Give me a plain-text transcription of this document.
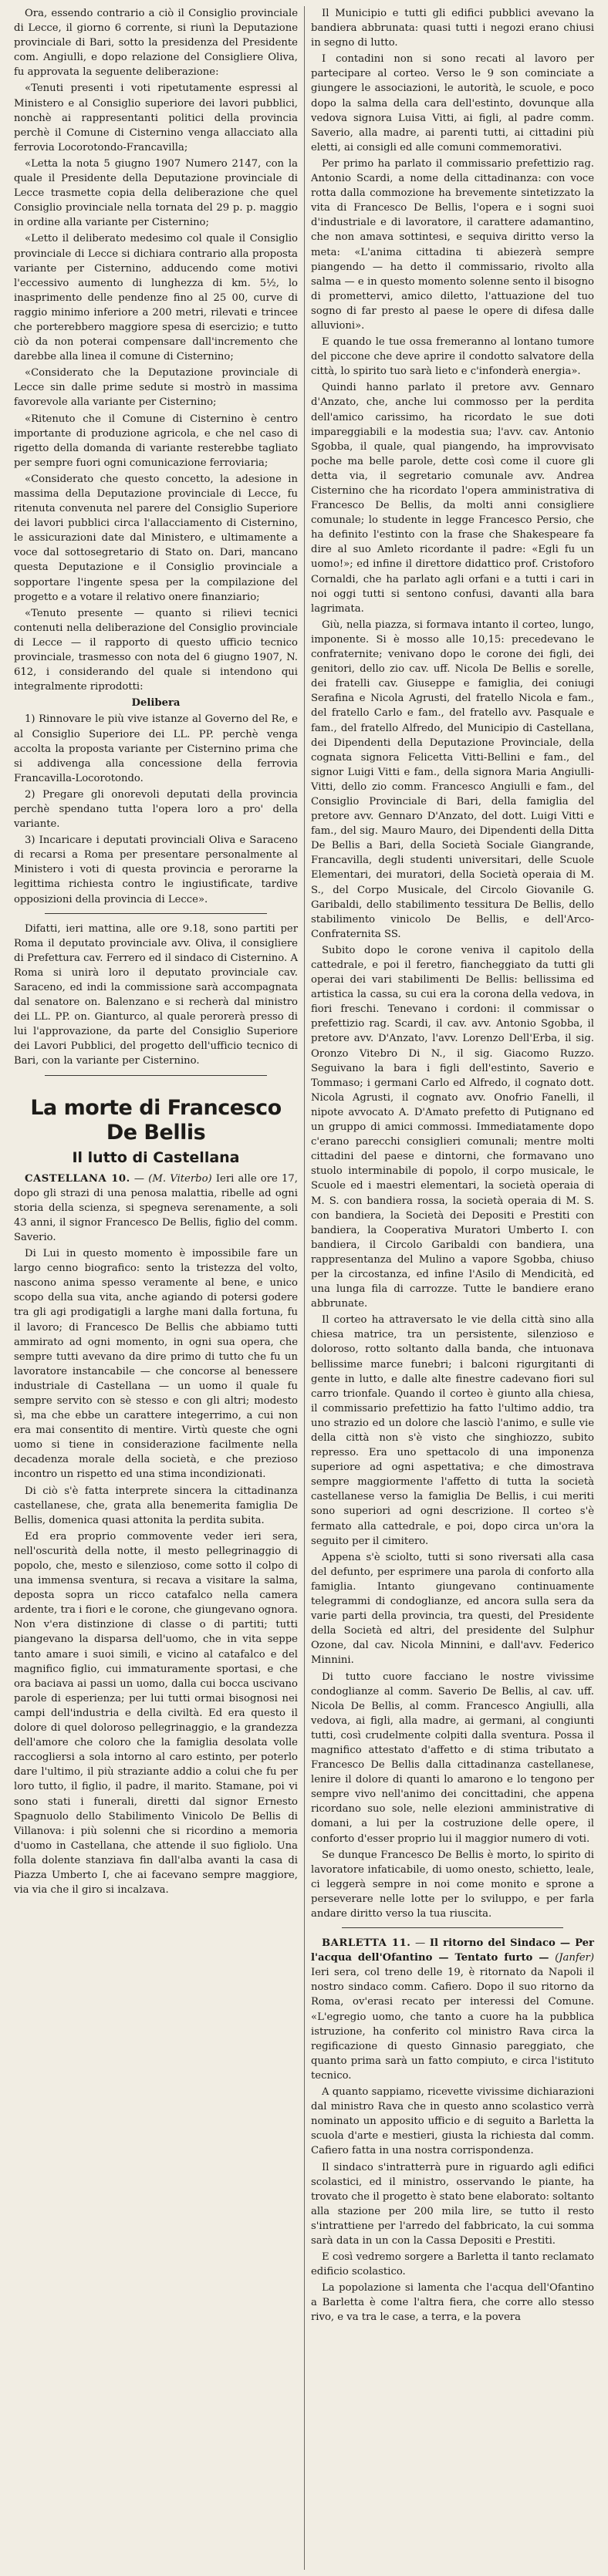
Ora, essendo contrario a ciò il Consiglio provinciale di Lecce, il giorno 6 corrente, si riunì la Deputazione provinciale di Bari, sotto la presidenza del Presidente com. Angiulli, e dopo relazione del Consigliere Oliva, fu approvata la seguente deliberazione:

«Tenuti presenti i voti ripetutamente espressi al Ministero e al Consiglio superiore dei lavori pubblici, nonchè ai rappresentanti politici della provincia perchè il Comune di Cisternino venga allacciato alla ferrovia Locorotondo-Francavilla;

«Letta la nota 5 giugno 1907 Numero 2147, con la quale il Presidente della Deputazione provinciale di Lecce trasmette copia della deliberazione che quel Consiglio provinciale nella tornata del 29 p. p. maggio in ordine alla variante per Cisternino;

«Letto il deliberato medesimo col quale il Consiglio provinciale di Lecce si dichiara contrario alla proposta variante per Cisternino, adducendo come motivi l'eccessivo aumento di lunghezza di km. 5½, lo inasprimento delle pendenze fino al 25 00, curve di raggio minimo inferiore a 200 metri, rilevati e trincee che porterebbero maggiore spesa di esercizio; e tutto ciò da non poterai compensare dall'incremento che darebbe alla linea il comune di Cisternino;

«Considerato che la Deputazione provinciale di Lecce sin dalle prime sedute si mostrò in massima favorevole alla variante per Cisternino;

«Ritenuto che il Comune di Cisternino è centro importante di produzione agricola, e che nel caso di rigetto della domanda di variante resterebbe tagliato per sempre fuori ogni comunicazione ferroviaria;

«Considerato che questo concetto, la adesione in massima della Deputazione provinciale di Lecce, fu ritenuta convenuta nel parere del Consiglio Superiore dei lavori pubblici circa l'allacciamento di Cisternino, le assicurazioni date dal Ministero, e ultimamente a voce dal sottosegretario di Stato on. Dari, mancano questa Deputazione e il Consiglio provinciale a sopportare l'ingente spesa per la compilazione del progetto e a votare il relativo onere finanziario;

«Tenuto presente — quanto si rilievi tecnici contenuti nella deliberazione del Consiglio provinciale di Lecce — il rapporto di questo ufficio tecnico provinciale, trasmesso con nota del 6 giugno 1907, N. 612, i considerando del quale si intendono qui integralmente riprodotti:

Delibera

1) Rinnovare le più vive istanze al Governo del Re, e al Consiglio Superiore dei LL. PP. perchè venga accolta la proposta variante per Cisternino prima che si addivenga alla concessione della ferrovia Francavilla-Locorotondo.

2) Pregare gli onorevoli deputati della provincia perchè spendano tutta l'opera loro a pro' della variante.

3) Incaricare i deputati provinciali Oliva e Saraceno di recarsi a Roma per presentare personalmente al Ministero i voti di questa provincia e perorarne la legittima richiesta contro le ingiustificate, tardive opposizioni della provincia di Lecce».

Difatti, ieri mattina, alle ore 9.18, sono partiti per Roma il deputato provinciale avv. Oliva, il consigliere di Prefettura cav. Ferrero ed il sindaco di Cisternino. A Roma si unirà loro il deputato provinciale cav. Saraceno, ed indi la commissione sarà accompagnata dal senatore on. Balenzano e si recherà dal ministro dei LL. PP. on. Gianturco, al quale perorerà presso di lui l'approvazione, da parte del Consiglio Superiore dei Lavori Pubblici, del progetto dell'ufficio tecnico di Bari, con la variante per Cisternino.

La morte di Francesco De Bellis
Il lutto di Castellana

CASTELLANA 10. — (M. Viterbo) Ieri alle ore 17, dopo gli strazi di una penosa malattia, ribelle ad ogni storia della scienza, si spegneva serenamente, a soli 43 anni, il signor Francesco De Bellis, figlio del comm. Saverio.

Di Lui in questo momento è impossibile fare un largo cenno biografico: sento la tristezza del volto, nascono anima spesso veramente al bene, e unico scopo della sua vita, anche agiando di potersi godere tra gli agi prodigatigli a larghe mani dalla fortuna, fu il lavoro; di Francesco De Bellis che abbiamo tutti ammirato ad ogni momento, in ogni sua opera, che sempre tutti avevano da dire primo di tutto che fu un lavoratore instancabile — che concorse al benessere industriale di Castellana — un uomo il quale fu sempre servito con sè stesso e con gli altri; modesto sì, ma che ebbe un carattere integerrimo, a cui non era mai consentito di mentire. Virtù queste che ogni uomo si tiene in considerazione facilmente nella decadenza morale della società, e che prezioso incontro un rispetto ed una stima incondizionati.

Di ciò s'è fatta interprete sincera la cittadinanza castellanese, che, grata alla benemerita famiglia De Bellis, domenica quasi attonita la perdita subita.

Ed era proprio commovente veder ieri sera, nell'oscurità della notte, il mesto pellegrinaggio di popolo, che, mesto e silenzioso, come sotto il colpo di una immensa sventura, si recava a visitare la salma, deposta sopra un ricco catafalco nella camera ardente, tra i fiori e le corone, che giungevano ognora. Non v'era distinzione di classe o di partiti; tutti piangevano la disparsa dell'uomo, che in vita seppe tanto amare i suoi simili, e vicino al catafalco e del magnifico figlio, cui immaturamente sportasi, e che ora baciava ai passi un uomo, dalla cui bocca uscivano parole di esperienza; per lui tutti ormai bisognosi nei campi dell'industria e della civiltà. Ed era questo il dolore di quel doloroso pellegrinaggio, e la grandezza dell'amore che coloro che la famiglia desolata volle raccogliersi a sola intorno al caro estinto, per poterlo dare l'ultimo, il più straziante addio a colui che fu per loro tutto, il figlio, il padre, il marito. Stamane, poi vi sono stati i funerali, diretti dal signor Ernesto Spagnuolo dello Stabilimento Vinicolo De Bellis di Villanova: i più solenni che si ricordino a memoria d'uomo in Castellana, che attende il suo figliolo. Una folla dolente stanziava fin dall'alba avanti la casa di Piazza Umberto I, che ai facevano sempre maggiore, via via che il giro si incalzava.

Il Municipio e tutti gli edifici pubblici avevano la bandiera abbrunata: quasi tutti i negozi erano chiusi in segno di lutto.

I contadini non si sono recati al lavoro per partecipare al corteo. Verso le 9 son cominciate a giungere le associazioni, le autorità, le scuole, e poco dopo la salma della cara dell'estinto, dovunque alla vedova signora Luisa Vitti, ai figli, al padre comm. Saverio, alla madre, ai parenti tutti, ai cittadini più eletti, ai consigli ed alle comuni commemorativi.

Per primo ha parlato il commissario prefettizio rag. Antonio Scardi, a nome della cittadinanza: con voce rotta dalla commozione ha brevemente sintetizzato la vita di Francesco De Bellis, l'opera e i sogni suoi d'industriale e di lavoratore, il carattere adamantino, che non amava sottintesi, e sequiva diritto verso la meta: «L'anima cittadina ti abiezerà sempre piangendo — ha detto il commissario, rivolto alla salma — e in questo momento solenne sento il bisogno di promettervi, amico diletto, l'attuazione del tuo sogno di far presto al paese le opere di difesa dalle alluvioni».

E quando le tue ossa fremeranno al lontano tumore del piccone che deve aprire il condotto salvatore della città, lo spirito tuo sarà lieto e c'infonderà energia».

Quindi hanno parlato il pretore avv. Gennaro d'Anzato, che, anche lui commosso per la perdita dell'amico carissimo, ha ricordato le sue doti impareggiabili e la modestia sua; l'avv. cav. Antonio Sgobba, il quale, qual piangendo, ha improvvisato poche ma belle parole, dette così come il cuore gli detta via, il segretario comunale avv. Andrea Cisternino che ha ricordato l'opera amministrativa di Francesco De Bellis, da molti anni consigliere comunale; lo studente in legge Francesco Persio, che ha definito l'estinto con la frase che Shakespeare fa dire al suo Amleto ricordante il padre: «Egli fu un uomo!»; ed infine il direttore didattico prof. Cristoforo Cornaldi, che ha parlato agli orfani e a tutti i cari in noi oggi tutti si sentono confusi, davanti alla bara lagrimata.

Giù, nella piazza, si formava intanto il corteo, lungo, imponente. Si è mosso alle 10,15: precedevano le confraternite; venivano dopo le corone dei figli, dei genitori, dello zio cav. uff. Nicola De Bellis e sorelle, dei fratelli cav. Giuseppe e famiglia, dei coniugi Serafina e Nicola Agrusti, del fratello Nicola e fam., del fratello Carlo e fam., del fratello avv. Pasquale e fam., del fratello Alfredo, del Municipio di Castellana, dei Dipendenti della Deputazione Provinciale, della cognata signora Felicetta Vitti-Bellini e fam., del signor Luigi Vitti e fam., della signora Maria Angiulli-Vitti, dello zio comm. Francesco Angiulli e fam., del Consiglio Provinciale di Bari, della famiglia del pretore avv. Gennaro D'Anzato, del dott. Luigi Vitti e fam., del sig. Mauro Mauro, dei Dipendenti della Ditta De Bellis a Bari, della Società Sociale Giangrande, Francavilla, degli studenti universitari, delle Scuole Elementari, dei muratori, della Società operaia di M. S., del Corpo Musicale, del Circolo Giovanile G. Garibaldi, dello stabilimento tessitura De Bellis, dello stabilimento vinicolo De Bellis, e dell'Arco-Confraternita SS.

Subito dopo le corone veniva il capitolo della cattedrale, e poi il feretro, fiancheggiato da tutti gli operai dei vari stabilimenti De Bellis: bellissima ed artistica la cassa, su cui era la corona della vedova, in fiori freschi. Tenevano i cordoni: il commissar o prefettizio rag. Scardi, il cav. avv. Antonio Sgobba, il pretore avv. D'Anzato, l'avv. Lorenzo Dell'Erba, il sig. Oronzo Vitebro Di N., il sig. Giacomo Ruzzo. Seguivano la bara i figli dell'estinto, Saverio e Tommaso; i germani Carlo ed Alfredo, il cognato dott. Nicola Agrusti, il cognato avv. Onofrio Fanelli, il nipote avvocato A. D'Amato prefetto di Putignano ed un gruppo di amici commossi. Immediatamente dopo c'erano parecchi consiglieri comunali; mentre molti cittadini del paese e dintorni, che formavano uno stuolo interminabile di popolo, il corpo musicale, le Scuole ed i maestri elementari, la società operaia di M. S. con bandiera rossa, la società operaia di M. S. con bandiera, la Società dei Depositi e Prestiti con bandiera, la Cooperativa Muratori Umberto I. con bandiera, il Circolo Garibaldi con bandiera, una rappresentanza del Mulino a vapore Sgobba, chiuso per la circostanza, ed infine l'Asilo di Mendicità, ed una lunga fila di carrozze. Tutte le bandiere erano abbrunate.

Il corteo ha attraversato le vie della città sino alla chiesa matrice, tra un persistente, silenzioso e doloroso, rotto soltanto dalla banda, che intuonava bellissime marce funebri; i balconi rigurgitanti di gente in lutto, e dalle alte finestre cadevano fiori sul carro trionfale. Quando il corteo è giunto alla chiesa, il commissario prefettizio ha fatto l'ultimo addio, tra uno strazio ed un dolore che lasciò l'animo, e sulle vie della città non s'è visto che singhiozzo, subito represso. Era uno spettacolo di una imponenza superiore ad ogni aspettativa; e che dimostrava sempre maggiormente l'affetto di tutta la società castellanese verso la famiglia De Bellis, i cui meriti sono superiori ad ogni descrizione. Il corteo s'è fermato alla cattedrale, e poi, dopo circa un'ora la seguito per il cimitero.

Appena s'è sciolto, tutti si sono riversati alla casa del defunto, per esprimere una parola di conforto alla famiglia. Intanto giungevano continuamente telegrammi di condoglianze, ed ancora sulla sera da varie parti della provincia, tra questi, del Presidente della Società ed altri, del presidente del Sulphur Ozone, dal cav. Nicola Minnini, e dall'avv. Federico Minnini.

Di tutto cuore facciano le nostre vivissime condoglianze al comm. Saverio De Bellis, al cav. uff. Nicola De Bellis, al comm. Francesco Angiulli, alla vedova, ai figli, alla madre, ai germani, al congiunti tutti, così crudelmente colpiti dalla sventura. Possa il magnifico attestato d'affetto e di stima tributato a Francesco De Bellis dalla cittadinanza castellanese, lenire il dolore di quanti lo amarono e lo tengono per sempre vivo nell'animo dei concittadini, che appena ricordano suo sole, nelle elezioni amministrative di domani, a lui per la costruzione delle opere, il conforto d'esser proprio lui il maggior numero di voti.

Se dunque Francesco De Bellis è morto, lo spirito di lavoratore infaticabile, di uomo onesto, schietto, leale, ci leggerà sempre in noi come monito e sprone a perseverare nelle lotte per lo sviluppo, e per farla andare diritto verso la tua riuscita.

BARLETTA 11. — Il ritorno del Sindaco — Per l'acqua dell'Ofantino — Tentato furto — (Janfer) Ieri sera, col treno delle 19, è ritornato da Napoli il nostro sindaco comm. Cafiero. Dopo il suo ritorno da Roma, ov'erasi recato per interessi del Comune. «L'egregio uomo, che tanto a cuore ha la pubblica istruzione, ha conferito col ministro Rava circa la regificazione di questo Ginnasio pareggiato, che quanto prima sarà un fatto compiuto, e circa l'istituto tecnico.

A quanto sappiamo, ricevette vivissime dichiarazioni dal ministro Rava che in questo anno scolastico verrà nominato un apposito ufficio e di seguito a Barletta la scuola d'arte e mestieri, giusta la richiesta dal comm. Cafiero fatta in una nostra corrispondenza.

Il sindaco s'intratterrà pure in riguardo agli edifici scolastici, ed il ministro, osservando le piante, ha trovato che il progetto è stato bene elaborato: soltanto alla stazione per 200 mila lire, se tutto il resto s'intrattiene per l'arredo del fabbricato, la cui somma sarà data in un con la Cassa Depositi e Prestiti.

E così vedremo sorgere a Barletta il tanto reclamato edificio scolastico.

La popolazione si lamenta che l'acqua dell'Ofantino a Barletta è come l'altra fiera, che corre allo stesso rivo, e va tra le case, a terra, e la povera
